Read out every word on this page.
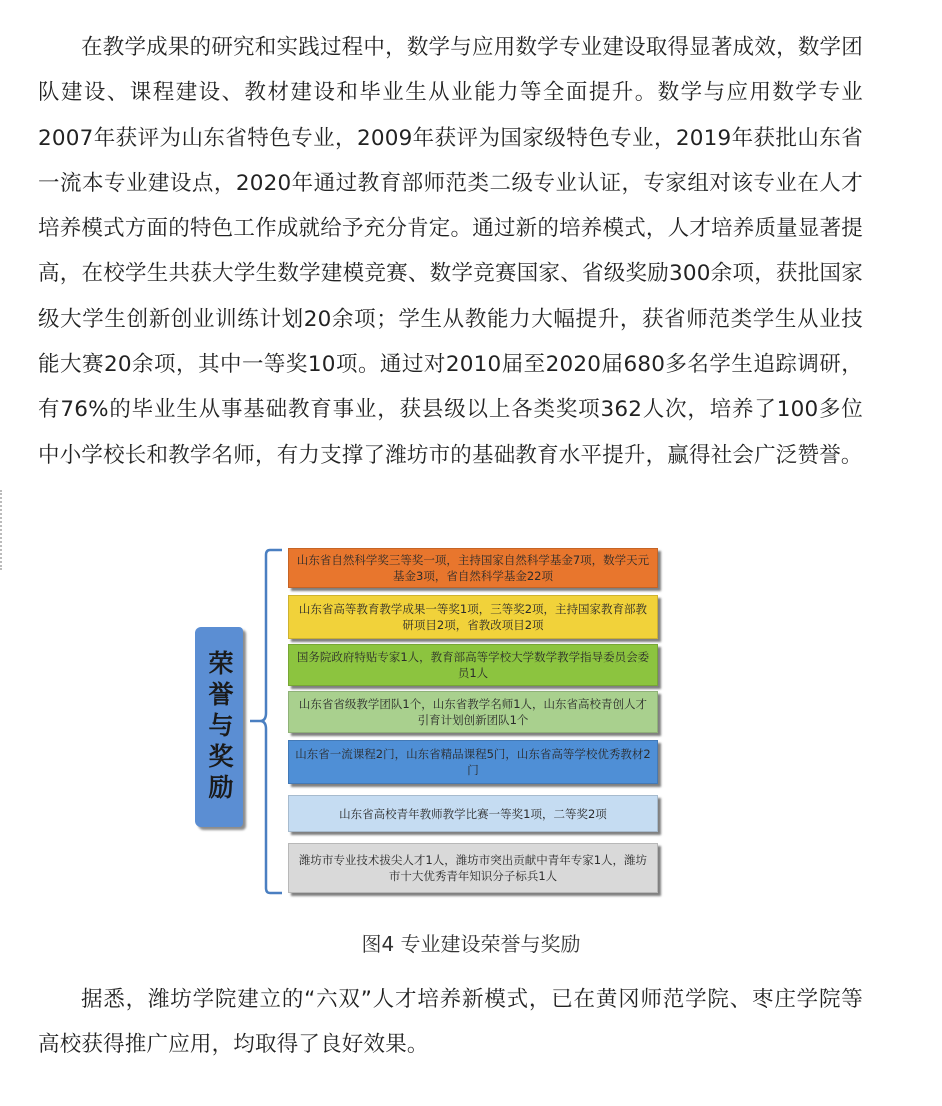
在教学成果的研究和实践过程中，数学与应用数学专业建设取得显著成效，数学团队建设、课程建设、教材建设和毕业生从业能力等全面提升。数学与应用数学专业2007年获评为山东省特色专业，2009年获评为国家级特色专业，2019年获批山东省一流本专业建设点，2020年通过教育部师范类二级专业认证，专家组对该专业在人才培养模式方面的特色工作成就给予充分肯定。通过新的培养模式，人才培养质量显著提高，在校学生共获大学生数学建模竞赛、数学竞赛国家、省级奖励300余项，获批国家级大学生创新创业训练计划20余项；学生从教能力大幅提升，获省师范类学生从业技能大赛20余项，其中一等奖10项。通过对2010届至2020届680多名学生追踪调研，有76%的毕业生从事基础教育事业，获县级以上各类奖项362人次，培养了100多位中小学校长和教学名师，有力支撑了潍坊市的基础教育水平提升，赢得社会广泛赞誉。

荣誉与奖励
山东省自然科学奖三等奖一项，主持国家自然科学基金7项，数学天元基金3项，省自然科学基金22项
山东省高等教育教学成果一等奖1项，三等奖2项，主持国家教育部教研项目2项，省教改项目2项
国务院政府特贴专家1人，教育部高等学校大学数学教学指导委员会委员1人
山东省省级教学团队1个，山东省教学名师1人，山东省高校青创人才引育计划创新团队1个
山东省一流课程2门，山东省精品课程5门，山东省高等学校优秀教材2门
山东省高校青年教师教学比赛一等奖1项，二等奖2项
潍坊市专业技术拔尖人才1人，潍坊市突出贡献中青年专家1人，潍坊市十大优秀青年知识分子标兵1人
图4 专业建设荣誉与奖励

据悉，潍坊学院建立的“六双”人才培养新模式，已在黄冈师范学院、枣庄学院等高校获得推广应用，均取得了良好效果。
